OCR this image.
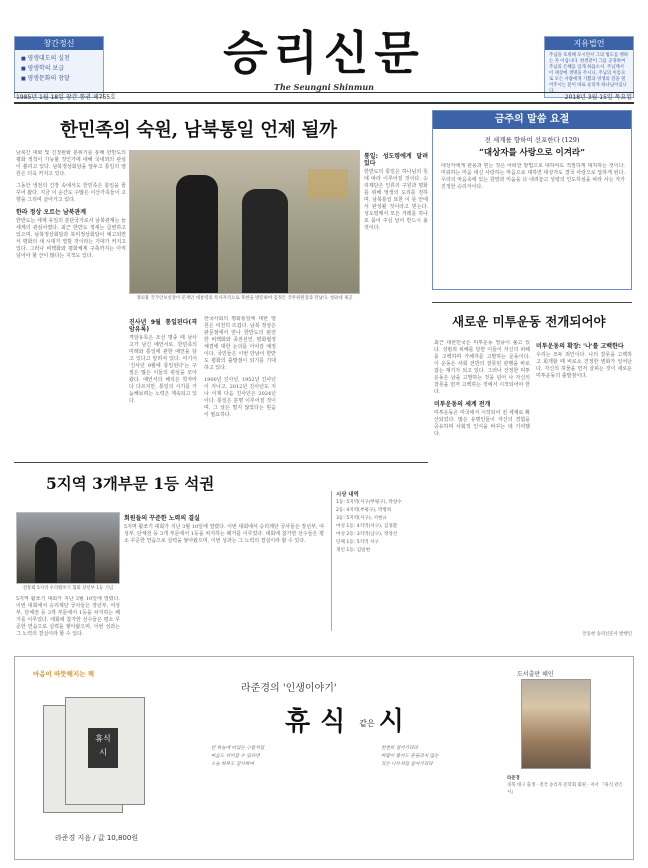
창간정신
■ 영생대도의 실천
■ 영생학의 보급
■ 영생문화의 창달	승리신문
The Seungni Shinmun
지유법언

주님을 호위해 모시면서 그의 법도를 행하는 자 이십니다. 한결같이 그를 공경하여 주님의 은혜를 입게 하옵소서. 주님께서 이 세상에 생명을 주시니, 주님의 이름으로 모든 사람에게 기쁨과 영생의 길을 열어주시는 분이 바로 승리자 하나님이십니다.

1985년 1월 18일 창간 통권 제755호	2018년 3월 15일 목요일
한민족의 숙원, 남북통일 언제 될까

남북간 대화 및 긴장완화 분위기를 통해 한반도의 평화 정착이 가능할 것인가에 대해 국내외의 관심이 쏠리고 있다. 남북정상회담을 앞두고 통일의 염원은 더욱 커지고 있다.

그동안 냉전의 긴장 속에서도 한민족은 통일을 꿈꾸어 왔다. 지금 이 순간도 수많은 이산가족들이 고향을 그리며 살아가고 있다.

한라 정상 오르는 남북관계

한반도는 세계 유일의 분단국가로서 남북관계는 늘 세계의 관심사였다. 최근 한반도 정세는 급변하고 있으며, 남북정상회담과 북미정상회담이 예고되면서 평화의 새 시대가 열릴 것이라는 기대가 커지고 있다. 그러나 비핵화와 평화체제 구축까지는 아직 넘어야 할 산이 많다는 지적도 있다.

정의용 국가안보실장이 문재인 대통령의 특사자격으로 북한을 방문하여 김정은 국무위원장과 만났다. 청와대 제공
진사년 9월 통일된다(격암유록)

격암유록은 조선 명종 때 남사고가 남긴 예언서로, 한민족의 미래와 통일에 관한 예언을 담고 있다고 알려져 있다. 여기서 '진사년 9월에 통일된다'는 구절은 많은 이들의 관심을 모아왔다. 예언서의 해석은 학자마다 다르지만, 통일의 시기를 가늠해보려는 노력은 계속되고 있다.

한국사회의 평화통일에 대한 염원은 여전히 뜨겁다. 남북 정상은 판문점에서 만나 한반도의 완전한 비핵화와 종전선언, 평화협정 체결에 대한 논의를 이어갈 예정이다. 국민들은 이번 만남이 한반도 평화의 출발점이 되기를 기대하고 있다.

1900년 진사년, 1952년 진사년이 지나고, 2012년 진사년도 지나 이제 다음 진사년은 2024년이다. 통일은 분명 이루어질 것이며, 그 날은 멀지 않았다는 믿음이 필요하다.

통일: 성도령에게 달려있다

한반도의 통일은 하나님의 뜻에 따라 이루어질 것이다. 승리제단은 인류의 구원과 평화를 위해 영생의 도리를 전하며, 남북통일 또한 이 뜻 안에서 완성될 것이라고 믿는다. 성도령께서 모든 겨레를 하나로 묶어 주실 날이 반드시 올 것이다.

금주의 말씀 요절
전 세계를 향하여 선포한다 (129)
“대상자를 사랑으로 이겨라”
대상자에게 관용과 믿는 것은 어떠한 방법으로 대하여도 적절하게 대처하는 것이다. 미워하는 마음 대신 사랑하는 마음으로 대하면 대상자도 결국 사랑으로 답하게 된다. 우리의 마음속에 있는 원망과 미움을 다 내려놓고 성령의 인도하심을 따라 사는 자가 진정한 승리자이다.
새로운 미투운동 전개되어야

최근 대한민국은 미투운동 열풍이 불고 있다. 성범죄 피해를 당한 이들이 자신의 피해를 고백하며 가해자를 고발하는 운동이다. 이 운동은 사회 전반의 잘못된 관행을 바로잡는 계기가 되고 있다. 그러나 진정한 미투운동은 남을 고발하는 것을 넘어 나 자신의 잘못을 먼저 고백하는 것에서 시작되어야 한다.

미투운동의 세계 전개

미투운동은 미국에서 시작되어 전 세계로 확산되었다. 많은 유명인들이 자신의 경험을 공유하며 사회적 인식을 바꾸는 데 기여했다.

미투운동의 확장: '나'를 고백한다

우리는 모두 죄인이다. 나의 잘못을 고백하고 회개할 때 비로소 진정한 변화가 일어난다. 자신의 허물을 먼저 살피는 것이 새로운 미투운동의 출발점이다.

안동현 승리신문사 발행인
5지역 3개부문 1등 석권
전통회 5지역 우리활쏘기 협회 장년부 1등 기념
5지역 활쏘기 대회가 지난 3월 10일에 열렸다. 이번 대회에서 승리제단 궁사들은 장년부, 여성부, 단체전 등 3개 부문에서 1등을 차지하는 쾌거를 이루었다. 대회에 참가한 선수들은 평소 꾸준한 연습으로 실력을 쌓아왔으며, 이번 성과는 그 노력의 결실이라 할 수 있다.
회원들의 꾸준한 노력의 결실

5지역 활쏘기 대회가 지난 3월 10일에 열렸다. 이번 대회에서 승리제단 궁사들은 장년부, 여성부, 단체전 등 3개 부문에서 1등을 차지하는 쾌거를 이루었다. 대회에 참가한 선수들은 평소 꾸준한 연습으로 실력을 쌓아왔으며, 이번 성과는 그 노력의 결실이라 할 수 있다.

시상 내역
1등: 5지역(서구/부평구), 박창수
2등: 4지역(부평구), 박병희
3등: 5지역(서구), 서현규
여성 1등: 4지역(서구), 김경환
여성 2등: 3지역(남구), 정영선
단체 1등: 5지역 서구
개인 1등: 김일현
마음이 따뜻해지는 책
휴식
시
라준경 지음 / 값 10,800원
라준경의 '인생이야기'
휴식 같은 시
빈 하늘에 떠있는 구름처럼
마음도 쉬어갈 수 있다면
오늘 하루도 감사하며
천천히 걸어가리라
바람이 불어도 흔들리지 않는
작은 나무처럼 살아가리라
도서출판 해인
라준경
경북 대구 출생 · 전국 승리자 문학회 회원 · 저서 『휴식 같은 시』
